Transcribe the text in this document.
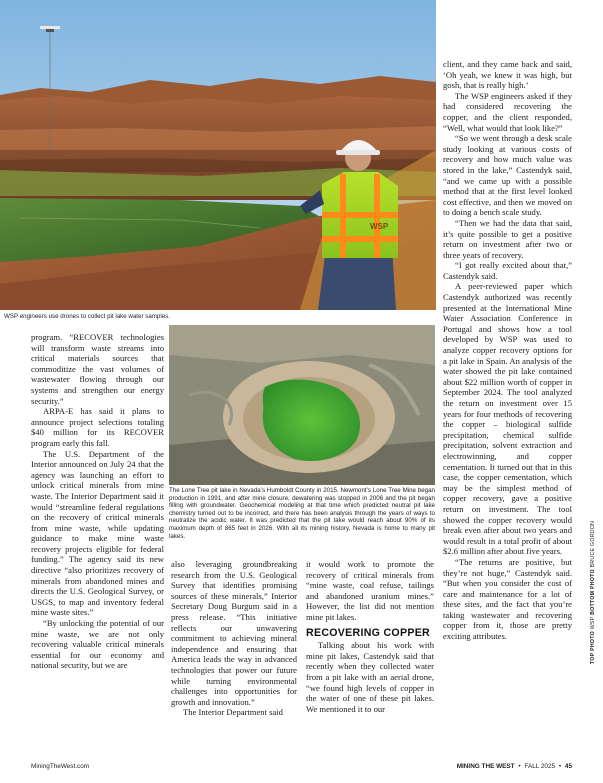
WSP
WSP engineers use drones to collect pit lake water samples.
The Lone Tree pit lake in Nevada’s Humboldt County in 2015. Newmont’s Lone Tree Mine began production in 1991, and after mine closure, dewatering was stopped in 2006 and the pit began filling with groundwater. Geochemical modeling at that time which predicted neutral pit lake chemistry turned out to be incorrect, and there has been analysis through the years of ways to neutralize the acidic water. It was predicted that the pit lake would reach about 90% of its maximum depth of 865 feet in 2026. With all its mining history, Nevada is home to many pit lakes.

program. “RECOVER technologies will transform waste streams into critical materials sources that commoditize the vast volumes of wastewater flowing through our systems and strengthen our energy security.”

ARPA-E has said it plans to announce project selections totaling $40 million for its RECOVER program early this fall.

The U.S. Department of the Interior announced on July 24 that the agency was launching an effort to unlock critical minerals from mine waste. The Interior Department said it would “streamline federal regulations on the recovery of critical minerals from mine waste, while updating guidance to make mine waste recovery projects eligible for federal funding.” The agency said its new directive “also prioritizes recovery of minerals from abandoned mines and directs the U.S. Geological Survey, or USGS, to map and inventory federal mine waste sites.”

“By unlocking the potential of our mine waste, we are not only recovering valuable critical minerals essential for our economy and national security, but we are

also leveraging groundbreaking research from the U.S. Geological Survey that identifies promising sources of these minerals,” Interior Secretary Doug Burgum said in a press release. “This initiative reflects our unwavering commitment to achieving mineral independence and ensuring that America leads the way in advanced technologies that power our future while turning environmental challenges into opportunities for growth and innovation.”

The Interior Department said

it would work to promote the recovery of critical minerals from “mine waste, coal refuse, tailings and abandoned uranium mines.” However, the list did not mention mine pit lakes.

RECOVERING COPPER

Talking about his work with mine pit lakes, Castendyk said that recently when they collected water from a pit lake with an aerial drone, “we found high levels of copper in the water of one of these pit lakes. We mentioned it to our

client, and they came back and said, ‘Oh yeah, we knew it was high, but gosh, that is really high.’

The WSP engineers asked if they had considered recovering the copper, and the client responded, “Well, what would that look like?”

“So we went through a desk scale study looking at various costs of recovery and how much value was stored in the lake,” Castendyk said, “and we came up with a possible method that at the first level looked cost effective, and then we moved on to doing a bench scale study.

“Then we had the data that said, it’s quite possible to get a positive return on investment after two or three years of recovery.

“I got really excited about that,” Castendyk said.

A peer-reviewed paper which Castendyk authorized was recently presented at the International Mine Water Association Conference in Portugal and shows how a tool developed by WSP was used to analyze copper recovery options for a pit lake in Spain. An analysis of the water showed the pit lake contained about $22 million worth of copper in September 2024. The tool analyzed the return on investment over 15 years for four methods of recovering the copper – biological sulfide precipitation, chemical sulfide precipitation, solvent extraction and electrowinning, and copper cementation. It turned out that in this case, the copper cementation, which may be the simplest method of copper recovery, gave a positive return on investment. The tool showed the copper recovery would break even after about two years and would result in a total profit of about $2.6 million after about five years.

“The returns are positive, but they’re not huge,” Castendyk said. “But when you consider the cost of care and maintenance for a lot of these sites, and the fact that you’re taking wastewater and recovering copper from it, those are pretty exciting attributes.	TOP PHOTO WSP BOTTOM PHOTO BRUCE GORDON
MiningTheWest.com	MINING THE WEST • FALL 2025 • 45
